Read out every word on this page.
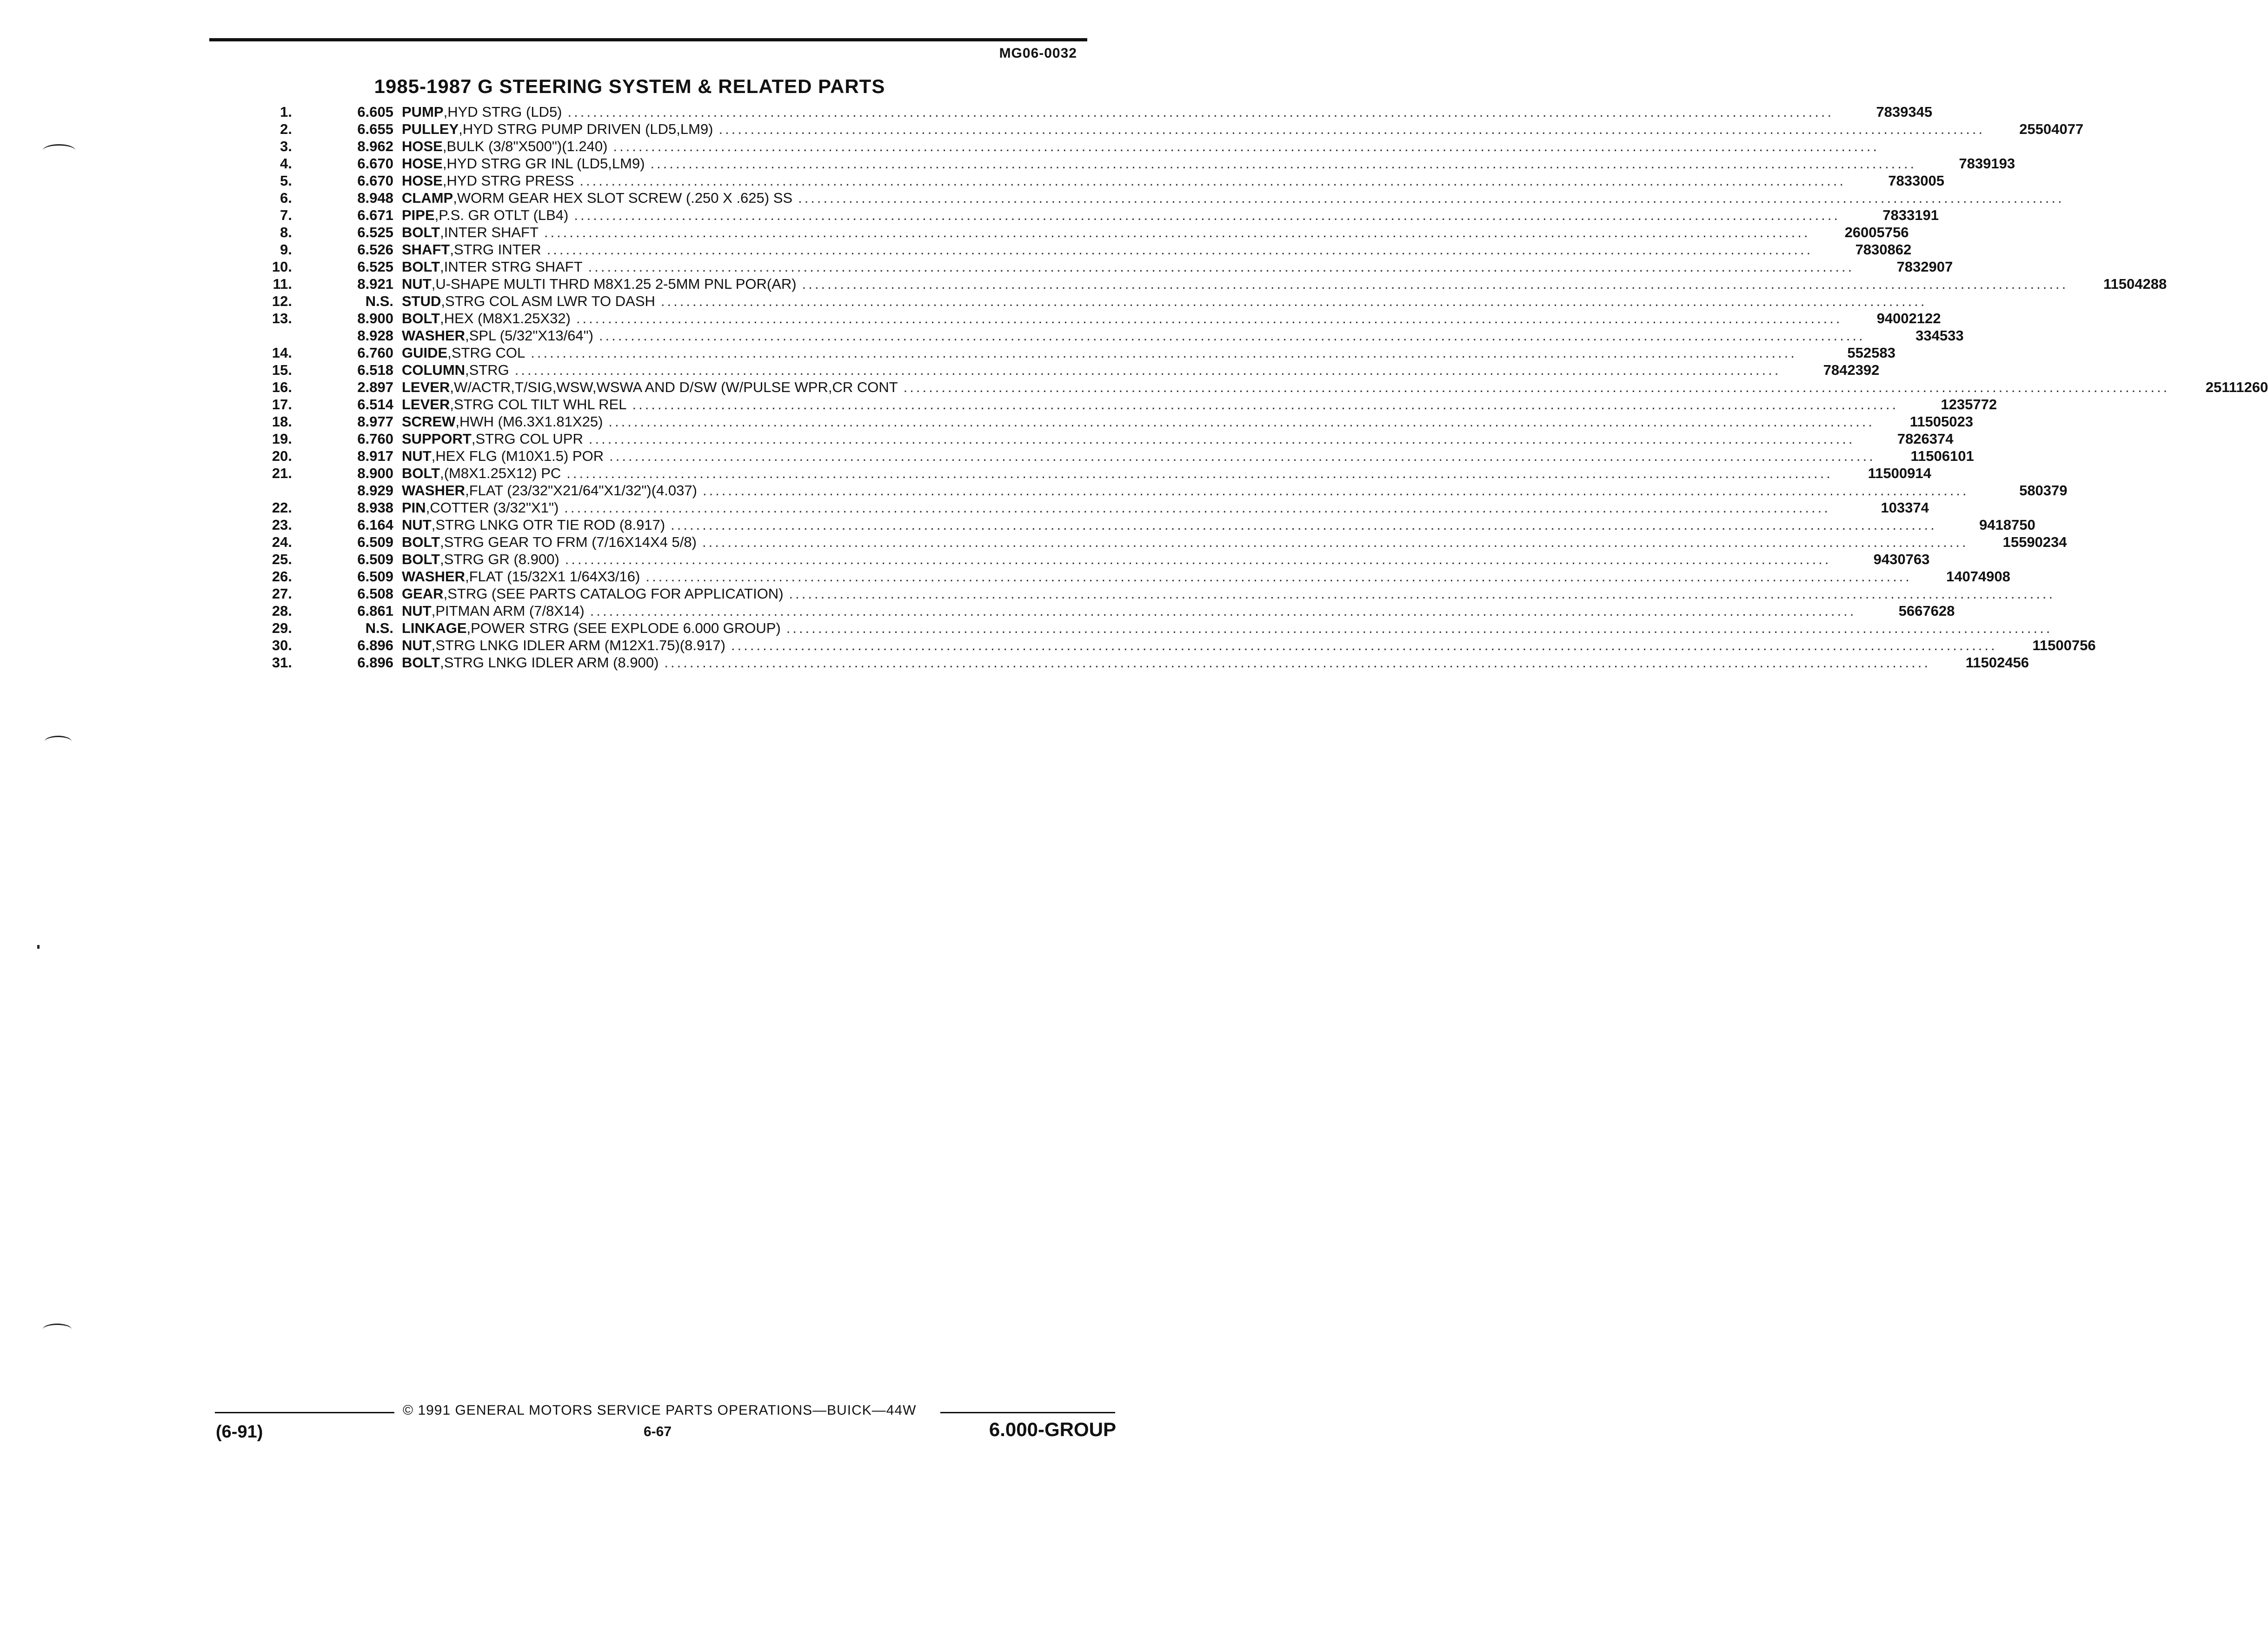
MG06-0032
1985-1987 G STEERING SYSTEM & RELATED PARTS
1.	6.605 PUMP , HYD STRG (LD5) ........................................................................................................................................................................................................	7839345
2.	6.655 PULLEY , HYD STRG PUMP DRIVEN (LD5,LM9) ........................................................................................................................................................................................................	25504077
3.	8.962 HOSE , BULK (3/8"X500")(1.240) ........................................................................................................................................................................................................
4.	6.670 HOSE , HYD STRG GR INL (LD5,LM9) ........................................................................................................................................................................................................	7839193
5.	6.670 HOSE , HYD STRG PRESS ........................................................................................................................................................................................................	7833005
6.	8.948 CLAMP , WORM GEAR HEX SLOT SCREW (.250 X .625) SS ........................................................................................................................................................................................................
7.	6.671 PIPE , P.S. GR OTLT (LB4) ........................................................................................................................................................................................................	7833191
8.	6.525 BOLT , INTER SHAFT ........................................................................................................................................................................................................	26005756
9.	6.526 SHAFT , STRG INTER ........................................................................................................................................................................................................	7830862
10.	6.525 BOLT , INTER STRG SHAFT ........................................................................................................................................................................................................	7832907
11.	8.921 NUT , U-SHAPE MULTI THRD M8X1.25 2-5MM PNL POR(AR) ........................................................................................................................................................................................................	11504288
12.	N.S. STUD , STRG COL ASM LWR TO DASH ........................................................................................................................................................................................................
13.	8.900 BOLT , HEX (M8X1.25X32) ........................................................................................................................................................................................................	94002122
8.928 WASHER , SPL (5/32"X13/64") ........................................................................................................................................................................................................	334533
14.	6.760 GUIDE , STRG COL ........................................................................................................................................................................................................	552583
15.	6.518 COLUMN , STRG ........................................................................................................................................................................................................	7842392
16.	2.897 LEVER , W/ACTR,T/SIG,WSW,WSWA AND D/SW (W/PULSE WPR,CR CONT ........................................................................................................................................................................................................	25111260
17.	6.514 LEVER , STRG COL TILT WHL REL ........................................................................................................................................................................................................	1235772
18.	8.977 SCREW , HWH (M6.3X1.81X25) ........................................................................................................................................................................................................	11505023
19.	6.760 SUPPORT , STRG COL UPR ........................................................................................................................................................................................................	7826374
20.	8.917 NUT , HEX FLG (M10X1.5) POR ........................................................................................................................................................................................................	11506101
21.	8.900 BOLT , (M8X1.25X12) PC ........................................................................................................................................................................................................	11500914
8.929 WASHER , FLAT (23/32"X21/64"X1/32")(4.037) ........................................................................................................................................................................................................	580379
22.	8.938 PIN , COTTER (3/32"X1") ........................................................................................................................................................................................................	103374
23.	6.164 NUT , STRG LNKG OTR TIE ROD (8.917) ........................................................................................................................................................................................................	9418750
24.	6.509 BOLT , STRG GEAR TO FRM (7/16X14X4 5/8) ........................................................................................................................................................................................................	15590234
25.	6.509 BOLT , STRG GR (8.900) ........................................................................................................................................................................................................	9430763
26.	6.509 WASHER , FLAT (15/32X1 1/64X3/16) ........................................................................................................................................................................................................	14074908
27.	6.508 GEAR , STRG (SEE PARTS CATALOG FOR APPLICATION) ........................................................................................................................................................................................................
28.	6.861 NUT , PITMAN ARM (7/8X14) ........................................................................................................................................................................................................	5667628
29.	N.S. LINKAGE , POWER STRG (SEE EXPLODE 6.000 GROUP) ........................................................................................................................................................................................................
30.	6.896 NUT , STRG LNKG IDLER ARM (M12X1.75)(8.917) ........................................................................................................................................................................................................	11500756
31.	6.896 BOLT , STRG LNKG IDLER ARM (8.900) ........................................................................................................................................................................................................	11502456
© 1991 GENERAL MOTORS SERVICE PARTS OPERATIONS—BUICK—44W
(6-91)	6-67	6.000-GROUP
